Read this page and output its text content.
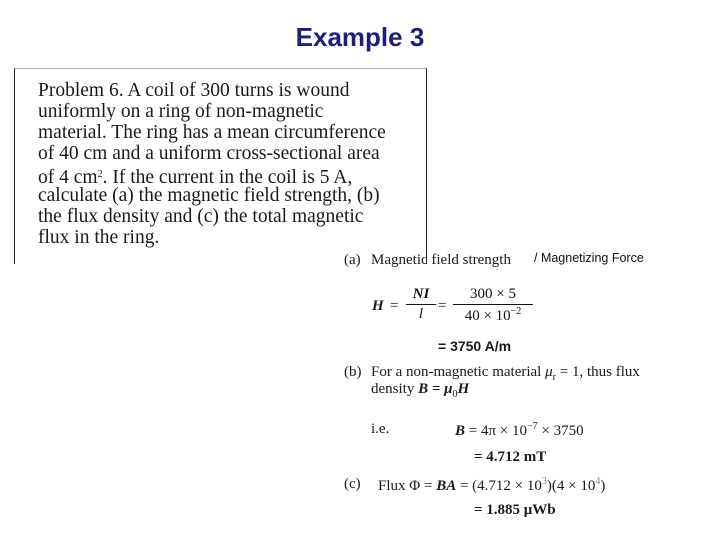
Example 3
Problem 6. A coil of 300 turns is wound
uniformly on a ring of non-magnetic
material. The ring has a mean circumference
of 40 cm and a uniform cross-sectional area
of 4 $cm^2$. If the current in the coil is 5 A,
calculate (a) the magnetic field strength, (b)
the flux density and (c) the total magnetic
flux in the ring.
(a) Magnetic field strength / Magnetizing Force
H =
NI
l =
300 × 5
$40 \times 10^{-2}$
= 3750 A/m
(b) For a non-magnetic material $\mu_r = 1$, thus flux
density $B = \mu_0H$
i.e.	$B = 4\pi \times 10^{-7} \times 3750$
= 4.712 mT
(c) Flux Φ = BA = $(4.712 \times 10^3)(4 \times 10^4)$
= 1.885 μWb
